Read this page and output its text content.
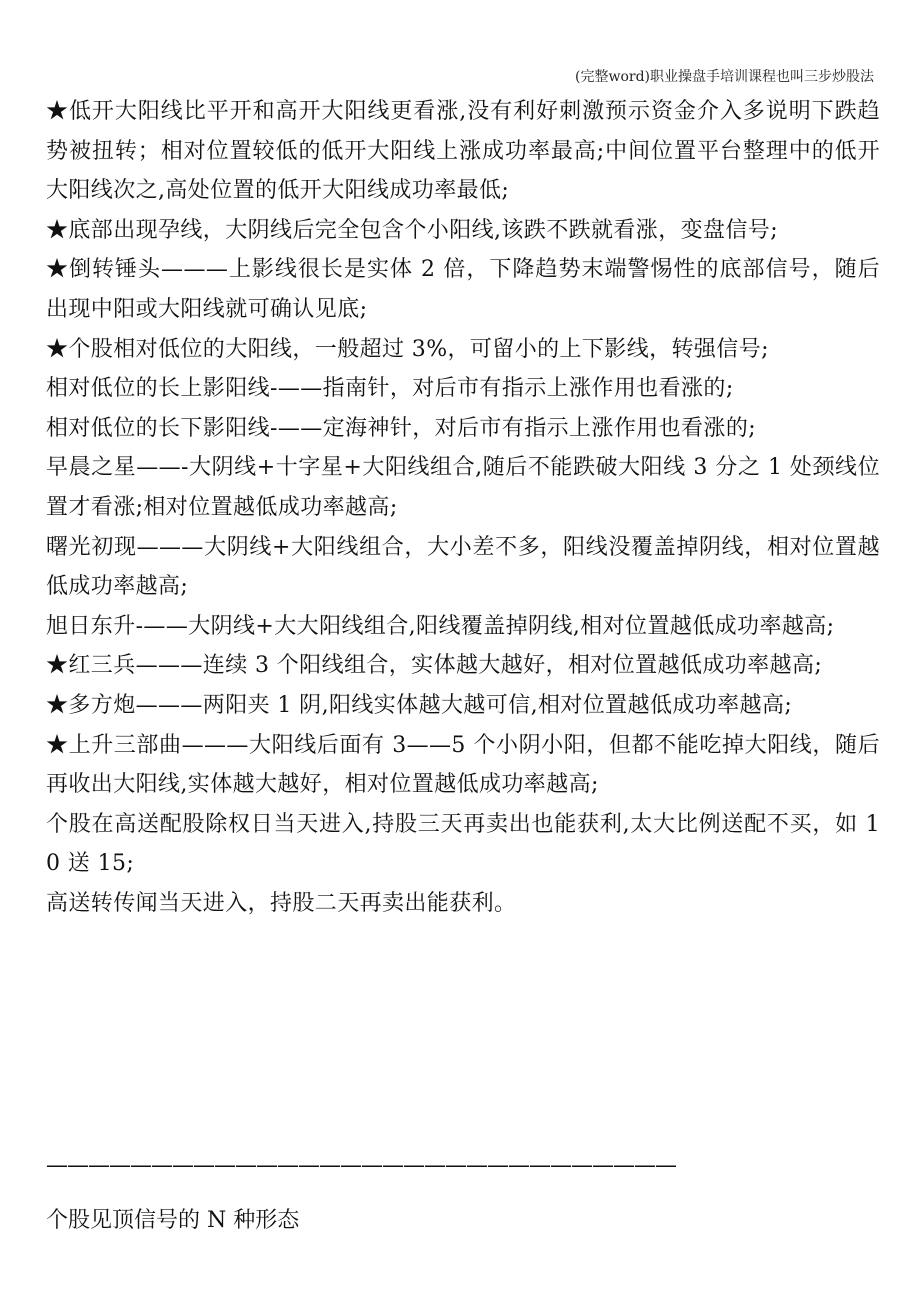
(完整word)职业操盘手培训课程也叫三步炒股法

★低开大阳线比平开和高开大阳线更看涨,没有利好刺激预示资金介入多说明下跌趋势被扭转；相对位置较低的低开大阳线上涨成功率最高;中间位置平台整理中的低开大阳线次之,高处位置的低开大阳线成功率最低;

★底部出现孕线，大阴线后完全包含个小阳线,该跌不跌就看涨，变盘信号;

★倒转锤头———上影线很长是实体 2 倍，下降趋势末端警惕性的底部信号，随后出现中阳或大阳线就可确认见底;

★个股相对低位的大阳线，一般超过 3%，可留小的上下影线，转强信号;

相对低位的长上影阳线-——指南针，对后市有指示上涨作用也看涨的;

相对低位的长下影阳线-——定海神针，对后市有指示上涨作用也看涨的;

早晨之星——-大阴线+十字星+大阳线组合,随后不能跌破大阳线 3 分之 1 处颈线位置才看涨;相对位置越低成功率越高;

曙光初现———大阴线+大阳线组合，大小差不多，阳线没覆盖掉阴线，相对位置越低成功率越高;

旭日东升-——大阴线+大大阳线组合,阳线覆盖掉阴线,相对位置越低成功率越高;

★红三兵———连续 3 个阳线组合，实体越大越好，相对位置越低成功率越高;

★多方炮———两阳夹 1 阴,阳线实体越大越可信,相对位置越低成功率越高;

★上升三部曲———大阳线后面有 3——5 个小阴小阳，但都不能吃掉大阳线，随后再收出大阳线,实体越大越好，相对位置越低成功率越高;

个股在高送配股除权日当天进入,持股三天再卖出也能获利,太大比例送配不买，如 10 送 15;

高送转传闻当天进入，持股二天再卖出能获利。

——————————————————————————————
个股见顶信号的 N 种形态
